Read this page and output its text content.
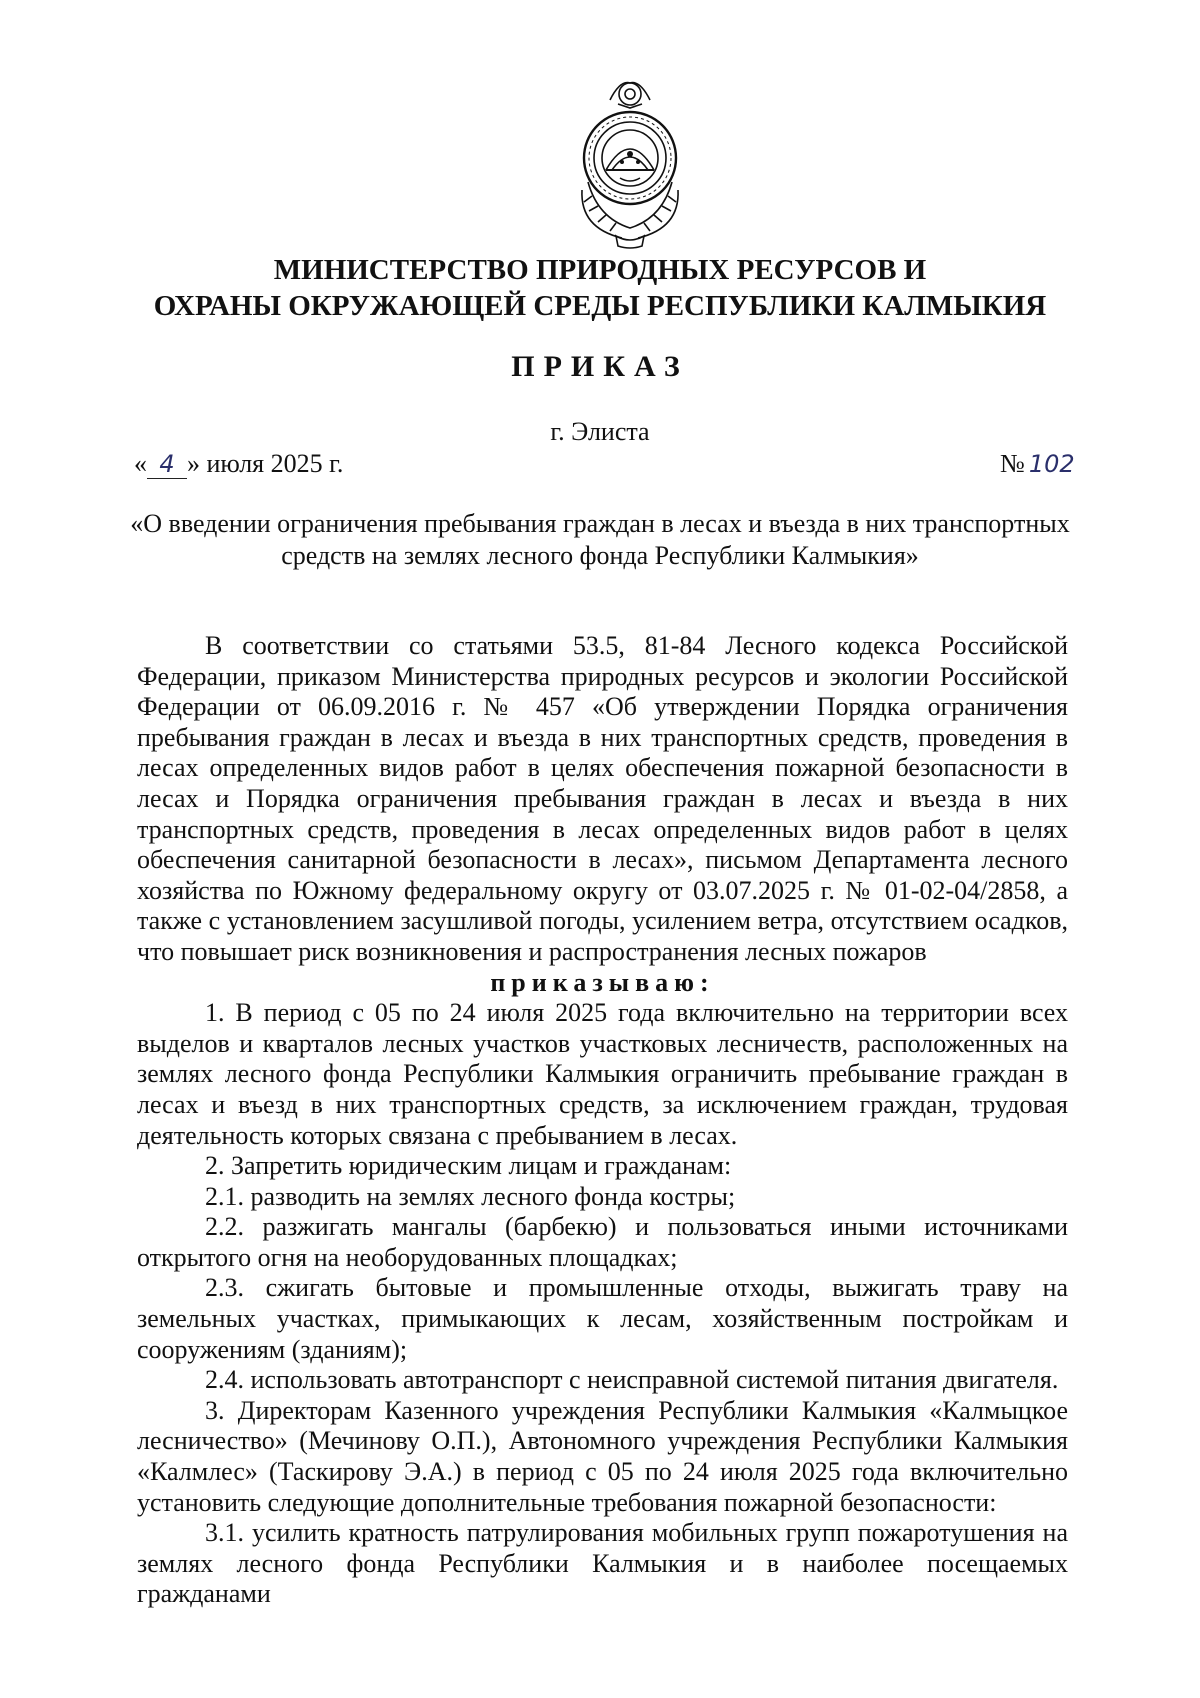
МИНИСТЕРСТВО ПРИРОДНЫХ РЕСУРСОВ И
ОХРАНЫ ОКРУЖАЮЩЕЙ СРЕДЫ РЕСПУБЛИКИ КАЛМЫКИЯ
ПРИКАЗ
г. Элиста
« 4 » июля 2025 г.	№ 102
«О введении ограничения пребывания граждан в лесах и въезда в них транспортных
средств на землях лесного фонда Республики Калмыкия»

В соответствии со статьями 53.5, 81-84 Лесного кодекса Российской Федерации, приказом Министерства природных ресурсов и экологии Российской Федерации от 06.09.2016 г. № 457 «Об утверждении Порядка ограничения пребывания граждан в лесах и въезда в них транспортных средств, проведения в лесах определенных видов работ в целях обеспечения пожарной безопасности в лесах и Порядка ограничения пребывания граждан в лесах и въезда в них транспортных средств, проведения в лесах определенных видов работ в целях обеспечения санитарной безопасности в лесах», письмом Департамента лесного хозяйства по Южному федеральному округу от 03.07.2025 г. № 01-02-04/2858, а также с установлением засушливой погоды, усилением ветра, отсутствием осадков, что повышает риск возникновения и распространения лесных пожаров

приказываю:

1. В период с 05 по 24 июля 2025 года включительно на территории всех выделов и кварталов лесных участков участковых лесничеств, расположенных на землях лесного фонда Республики Калмыкия ограничить пребывание граждан в лесах и въезд в них транспортных средств, за исключением граждан, трудовая деятельность которых связана с пребыванием в лесах.

2. Запретить юридическим лицам и гражданам:

2.1. разводить на землях лесного фонда костры;

2.2. разжигать мангалы (барбекю) и пользоваться иными источниками открытого огня на необорудованных площадках;

2.3. сжигать бытовые и промышленные отходы, выжигать траву на земельных участках, примыкающих к лесам, хозяйственным постройкам и сооружениям (зданиям);

2.4. использовать автотранспорт с неисправной системой питания двигателя.

3. Директорам Казенного учреждения Республики Калмыкия «Калмыцкое лесничество» (Мечинову О.П.), Автономного учреждения Республики Калмыкия «Калмлес» (Таскирову Э.А.) в период с 05 по 24 июля 2025 года включительно установить следующие дополнительные требования пожарной безопасности:

3.1. усилить кратность патрулирования мобильных групп пожаротушения на землях лесного фонда Республики Калмыкия и в наиболее посещаемых гражданами
